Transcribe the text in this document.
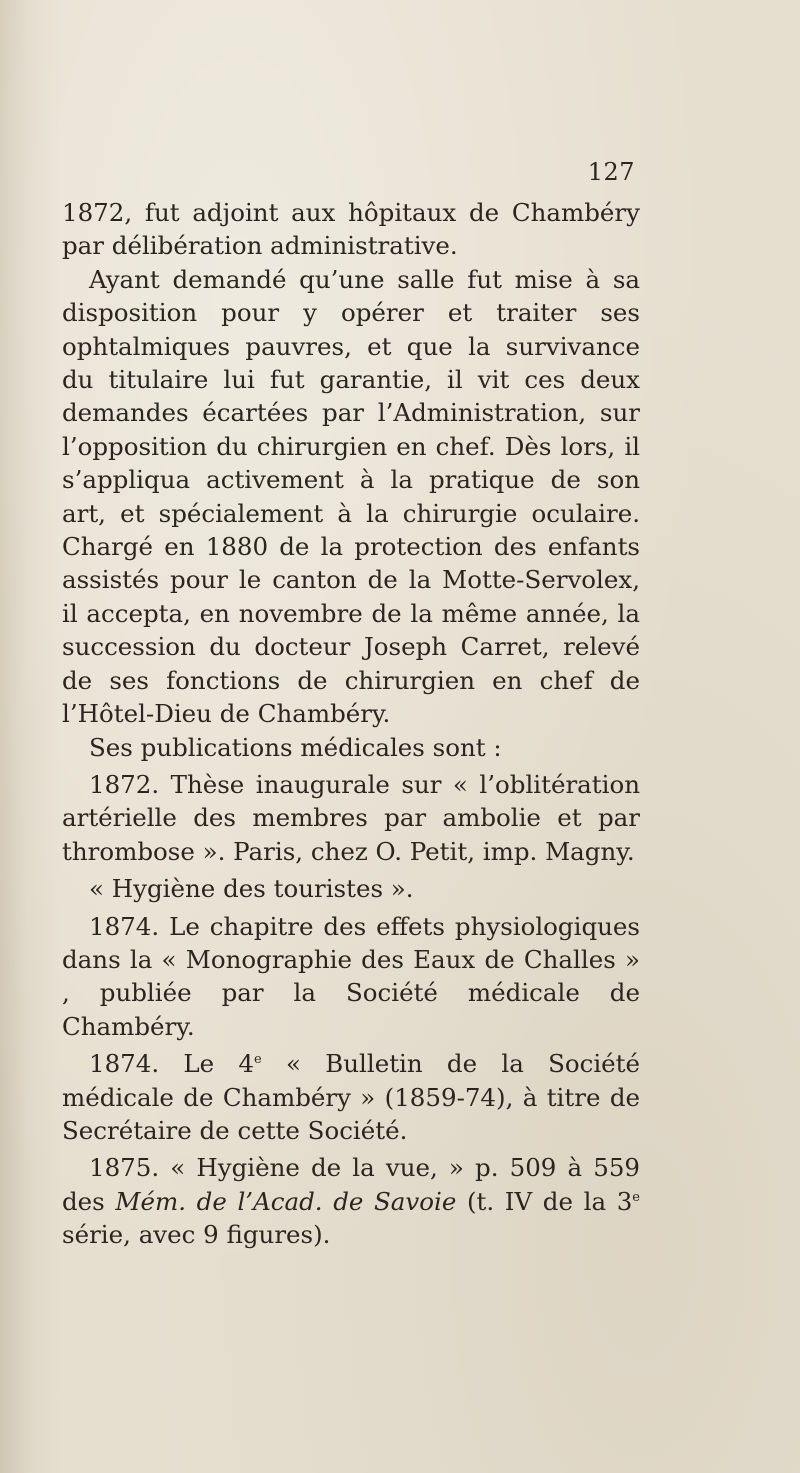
127

1872, fut adjoint aux hôpitaux de Chambéry par délibération administrative.

Ayant demandé qu’une salle fut mise à sa disposition pour y opérer et traiter ses ophtalmiques pauvres, et que la survivance du titulaire lui fut garantie, il vit ces deux demandes écartées par l’Administration, sur l’opposition du chirurgien en chef. Dès lors, il s’appliqua activement à la pratique de son art, et spécialement à la chirurgie oculaire. Chargé en 1880 de la protection des enfants assistés pour le canton de la Motte-Servolex, il accepta, en novembre de la même année, la succession du docteur Joseph Carret, relevé de ses fonctions de chirurgien en chef de l’Hôtel-Dieu de Chambéry.

Ses publications médicales sont :

1872. Thèse inaugurale sur « l’oblitération artérielle des membres par ambolie et par thrombose ». Paris, chez O. Petit, imp. Magny.

« Hygiène des touristes ».

1874. Le chapitre des effets physiologiques dans la « Monographie des Eaux de Challes » , publiée par la Société médicale de Chambéry.

1874. Le 4e « Bulletin de la Société médicale de Chambéry » (1859-74), à titre de Secrétaire de cette Société.

1875. « Hygiène de la vue, » p. 509 à 559 des Mém. de l’Acad. de Savoie (t. IV de la 3e série, avec 9 figures).
